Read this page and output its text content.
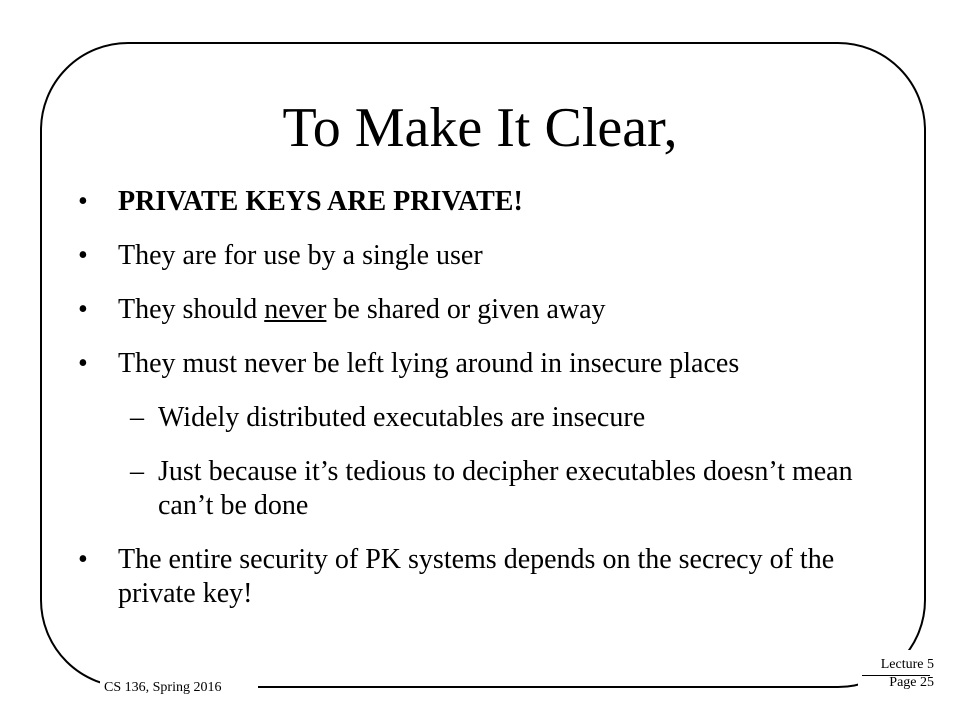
To Make It Clear,
•	PRIVATE KEYS ARE PRIVATE!
•	They are for use by a single user
•	They should never be shared or given away
•	They must never be left lying around in insecure places
– Widely distributed executables are insecure
– Just because it’s tedious to decipher executables doesn’t mean can’t be done
•	The entire security of PK systems depends on the secrecy of the private key!
CS 136, Spring 2016
Lecture 5
Page 25
